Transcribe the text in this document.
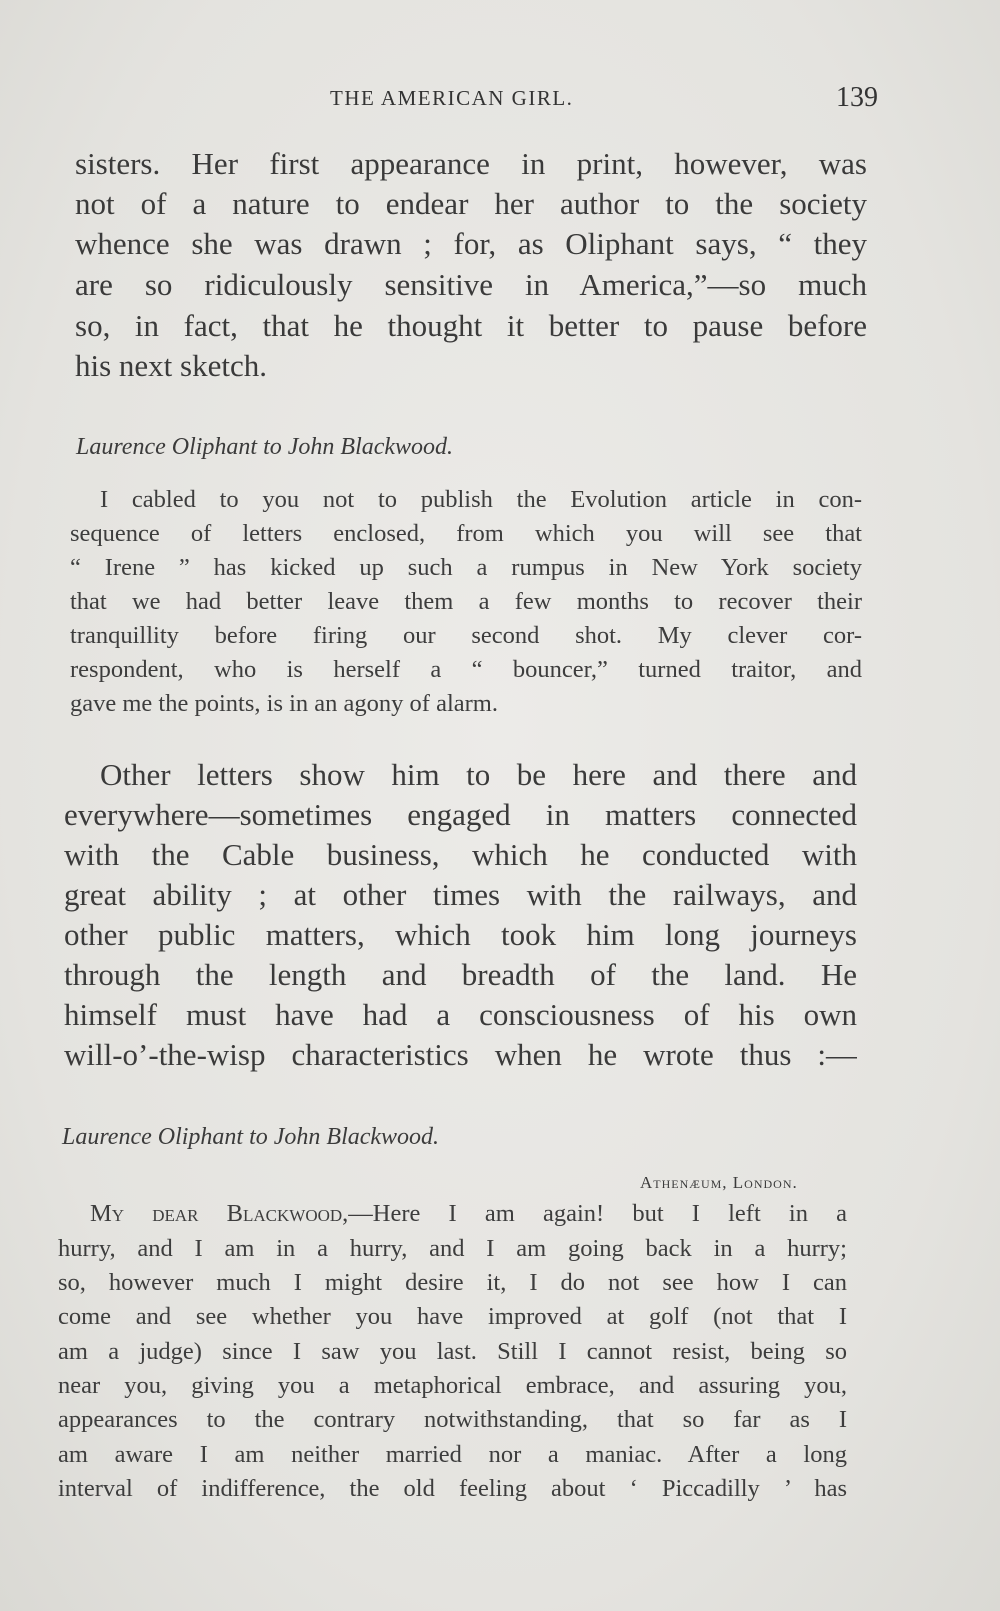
THE AMERICAN GIRL.	139
sisters. Her first appearance in print, however, was
not of a nature to endear her author to the society
whence she was drawn ; for, as Oliphant says, “ they
are so ridiculously sensitive in America,”—so much
so, in fact, that he thought it better to pause before
his next sketch.
Laurence Oliphant to John Blackwood.
I cabled to you not to publish the Evolution article in con-
sequence of letters enclosed, from which you will see that
“ Irene ” has kicked up such a rumpus in New York society
that we had better leave them a few months to recover their
tranquillity before firing our second shot. My clever cor-
respondent, who is herself a “ bouncer,” turned traitor, and
gave me the points, is in an agony of alarm.
Other letters show him to be here and there and
everywhere—sometimes engaged in matters connected
with the Cable business, which he conducted with
great ability ; at other times with the railways, and
other public matters, which took him long journeys
through the length and breadth of the land. He
himself must have had a consciousness of his own
will-o’-the-wisp characteristics when he wrote thus :—
Laurence Oliphant to John Blackwood.
Athenæum, London.
My dear Blackwood,—Here I am again! but I left in a
hurry, and I am in a hurry, and I am going back in a hurry;
so, however much I might desire it, I do not see how I can
come and see whether you have improved at golf (not that I
am a judge) since I saw you last. Still I cannot resist, being so
near you, giving you a metaphorical embrace, and assuring you,
appearances to the contrary notwithstanding, that so far as I
am aware I am neither married nor a maniac. After a long
interval of indifference, the old feeling about ‘ Piccadilly ’ has
